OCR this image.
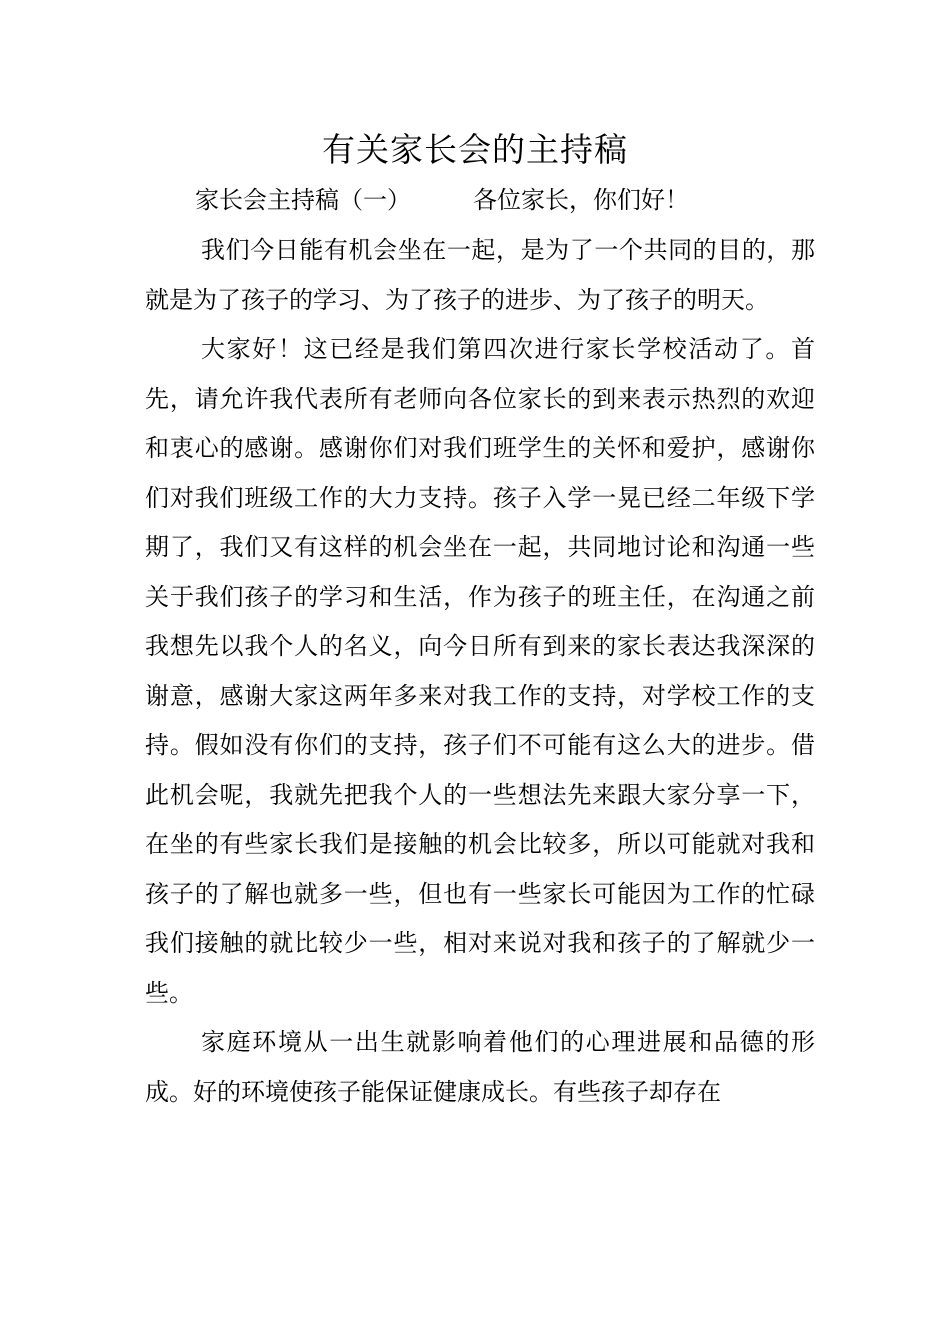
有关家长会的主持稿
家长会主持稿（一）	各位家长，你们好！

我们今日能有机会坐在一起，是为了一个共同的目的，那就是为了孩子的学习、为了孩子的进步、为了孩子的明天。

大家好！这已经是我们第四次进行家长学校活动了。首先，请允许我代表所有老师向各位家长的到来表示热烈的欢迎和衷心的感谢。感谢你们对我们班学生的关怀和爱护，感谢你们对我们班级工作的大力支持。孩子入学一晃已经二年级下学期了，我们又有这样的机会坐在一起，共同地讨论和沟通一些关于我们孩子的学习和生活，作为孩子的班主任，在沟通之前我想先以我个人的名义，向今日所有到来的家长表达我深深的谢意，感谢大家这两年多来对我工作的支持，对学校工作的支持。假如没有你们的支持，孩子们不可能有这么大的进步。借此机会呢，我就先把我个人的一些想法先来跟大家分享一下，在坐的有些家长我们是接触的机会比较多，所以可能就对我和孩子的了解也就多一些，但也有一些家长可能因为工作的忙碌我们接触的就比较少一些，相对来说对我和孩子的了解就少一些。

家庭环境从一出生就影响着他们的心理进展和品德的形成。好的环境使孩子能保证健康成长。有些孩子却存在
